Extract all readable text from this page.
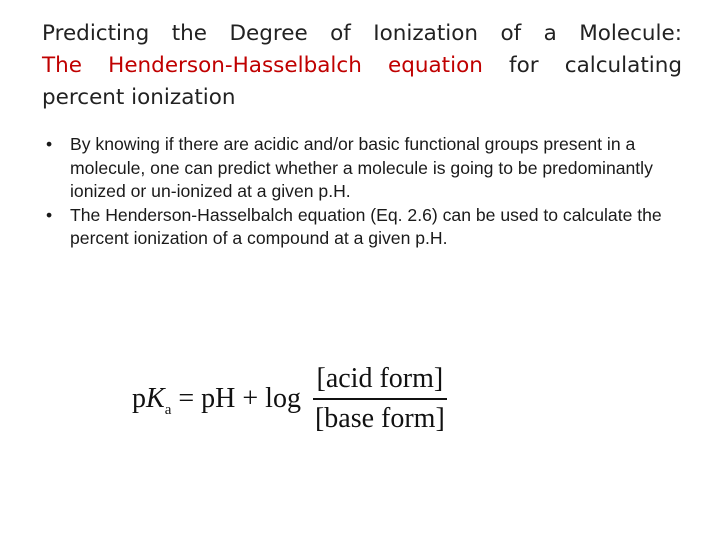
Predicting the Degree of Ionization of a Molecule:
The Henderson-Hasselbalch equation for calculating
percent ionization
•	By knowing if there are acidic and/or basic functional groups present in a molecule, one can predict whether a molecule is going to be predominantly ionized or un-ionized at a given p.H.
•	The Henderson-Hasselbalch equation (Eq. 2.6) can be used to calculate the percent ionization of a compound at a given p.H.
$pK_a$ = pH + $\log \frac{\text{[acid form]}}{\text{[base form]}}$
